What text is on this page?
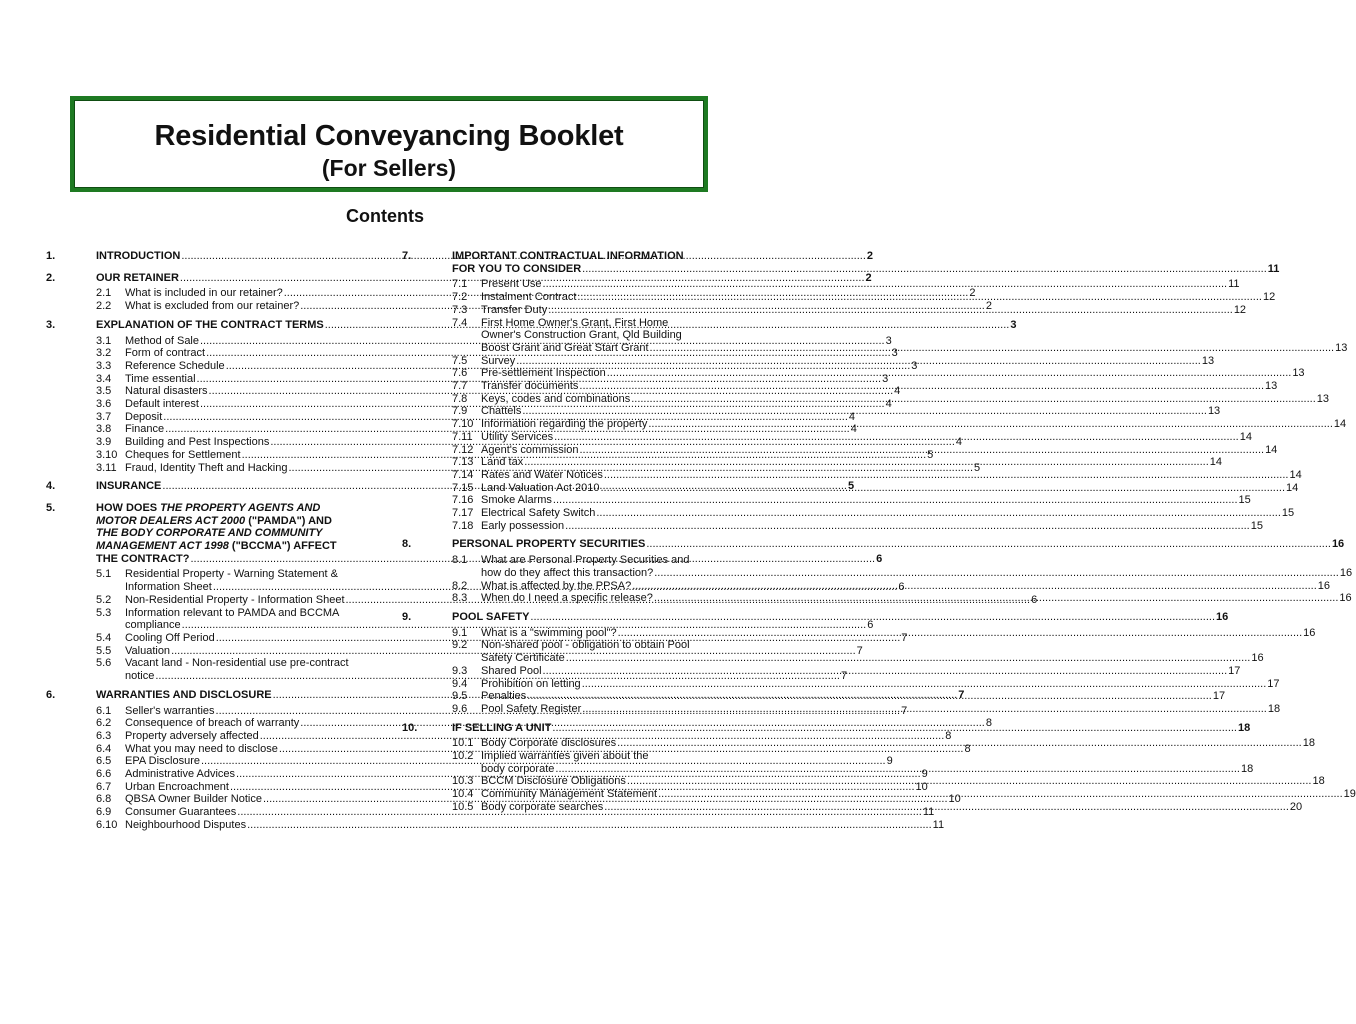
Residential Conveyancing Booklet
(For Sellers)
Contents
1.	INTRODUCTION .....	2
2.	OUR RETAINER .....	2
2.1	What is included in our retainer? .....	2
2.2	What is excluded from our retainer? .....	2
3.	EXPLANATION OF THE CONTRACT TERMS .....	3
3.1	Method of Sale .....	3
3.2	Form of contract .....	3
3.3	Reference Schedule .....	3
3.4	Time essential .....	3
3.5	Natural disasters .....	4
3.6	Default interest .....	4
3.7	Deposit .....	4
3.8	Finance .....	4
3.9	Building and Pest Inspections .....	4
3.10 Cheques for Settlement .....	5
3.11 Fraud, Identity Theft and Hacking .....	5
4.	INSURANCE .....	5
5.	HOW DOES THE PROPERTY AGENTS AND
MOTOR DEALERS ACT 2000 ("PAMDA") AND
THE BODY CORPORATE AND COMMUNITY
MANAGEMENT ACT 1998 ("BCCMA") AFFECT
THE CONTRACT? .....	6
5.1	Residential Property - Warning Statement &
Information Sheet .....	6
5.2	Non-Residential Property - Information Sheet .....	6
5.3	Information relevant to PAMDA and BCCMA
compliance .....	6
5.4	Cooling Off Period .....	7
5.5	Valuation .....	7
5.6	Vacant land - Non-residential use pre-contract
notice .....	7
6.	WARRANTIES AND DISCLOSURE .....	7
6.1	Seller's warranties .....	7
6.2	Consequence of breach of warranty .....	8
6.3	Property adversely affected .....	8
6.4	What you may need to disclose .....	8
6.5	EPA Disclosure .....	9
6.6	Administrative Advices .....	9
6.7	Urban Encroachment .....	10
6.8	QBSA Owner Builder Notice .....	10
6.9	Consumer Guarantees .....	11
6.10 Neighbourhood Disputes .....	11
7.	IMPORTANT CONTRACTUAL INFORMATION
FOR YOU TO CONSIDER .....	11
7.1	Present Use .....	11
7.2	Instalment Contract .....	12
7.3	Transfer Duty .....	12
7.4	First Home Owner's Grant, First Home
Owner's Construction Grant, Qld Building
Boost Grant and Great Start Grant .....	13
7.5	Survey .....	13
7.6	Pre-settlement Inspection .....	13
7.7	Transfer documents .....	13
7.8	Keys, codes and combinations .....	13
7.9	Chattels .....	13
7.10 Information regarding the property .....	14
7.11 Utility Services .....	14
7.12 Agent's commission .....	14
7.13 Land tax .....	14
7.14 Rates and Water Notices .....	14
7.15 Land Valuation Act 2010 .....	14
7.16 Smoke Alarms .....	15
7.17 Electrical Safety Switch .....	15
7.18 Early possession .....	15
8.	PERSONAL PROPERTY SECURITIES .....	16
8.1	What are Personal Property Securities and
how do they affect this transaction? .....	16
8.2	What is affected by the PPSA? .....	16
8.3	When do I need a specific release? .....	16
9.	POOL SAFETY .....	16
9.1	What is a "swimming pool"? .....	16
9.2	Non-shared pool - obligation to obtain Pool
Safety Certificate .....	16
9.3	Shared Pool .....	17
9.4	Prohibition on letting .....	17
9.5	Penalties .....	17
9.6	Pool Safety Register .....	18
10.	IF SELLING A UNIT .....	18
10.1 Body Corporate disclosures .....	18
10.2 Implied warranties given about the
body corporate .....	18
10.3 BCCM Disclosure Obligations .....	18
10.4 Community Management Statement .....	19
10.5 Body corporate searches .....	20
